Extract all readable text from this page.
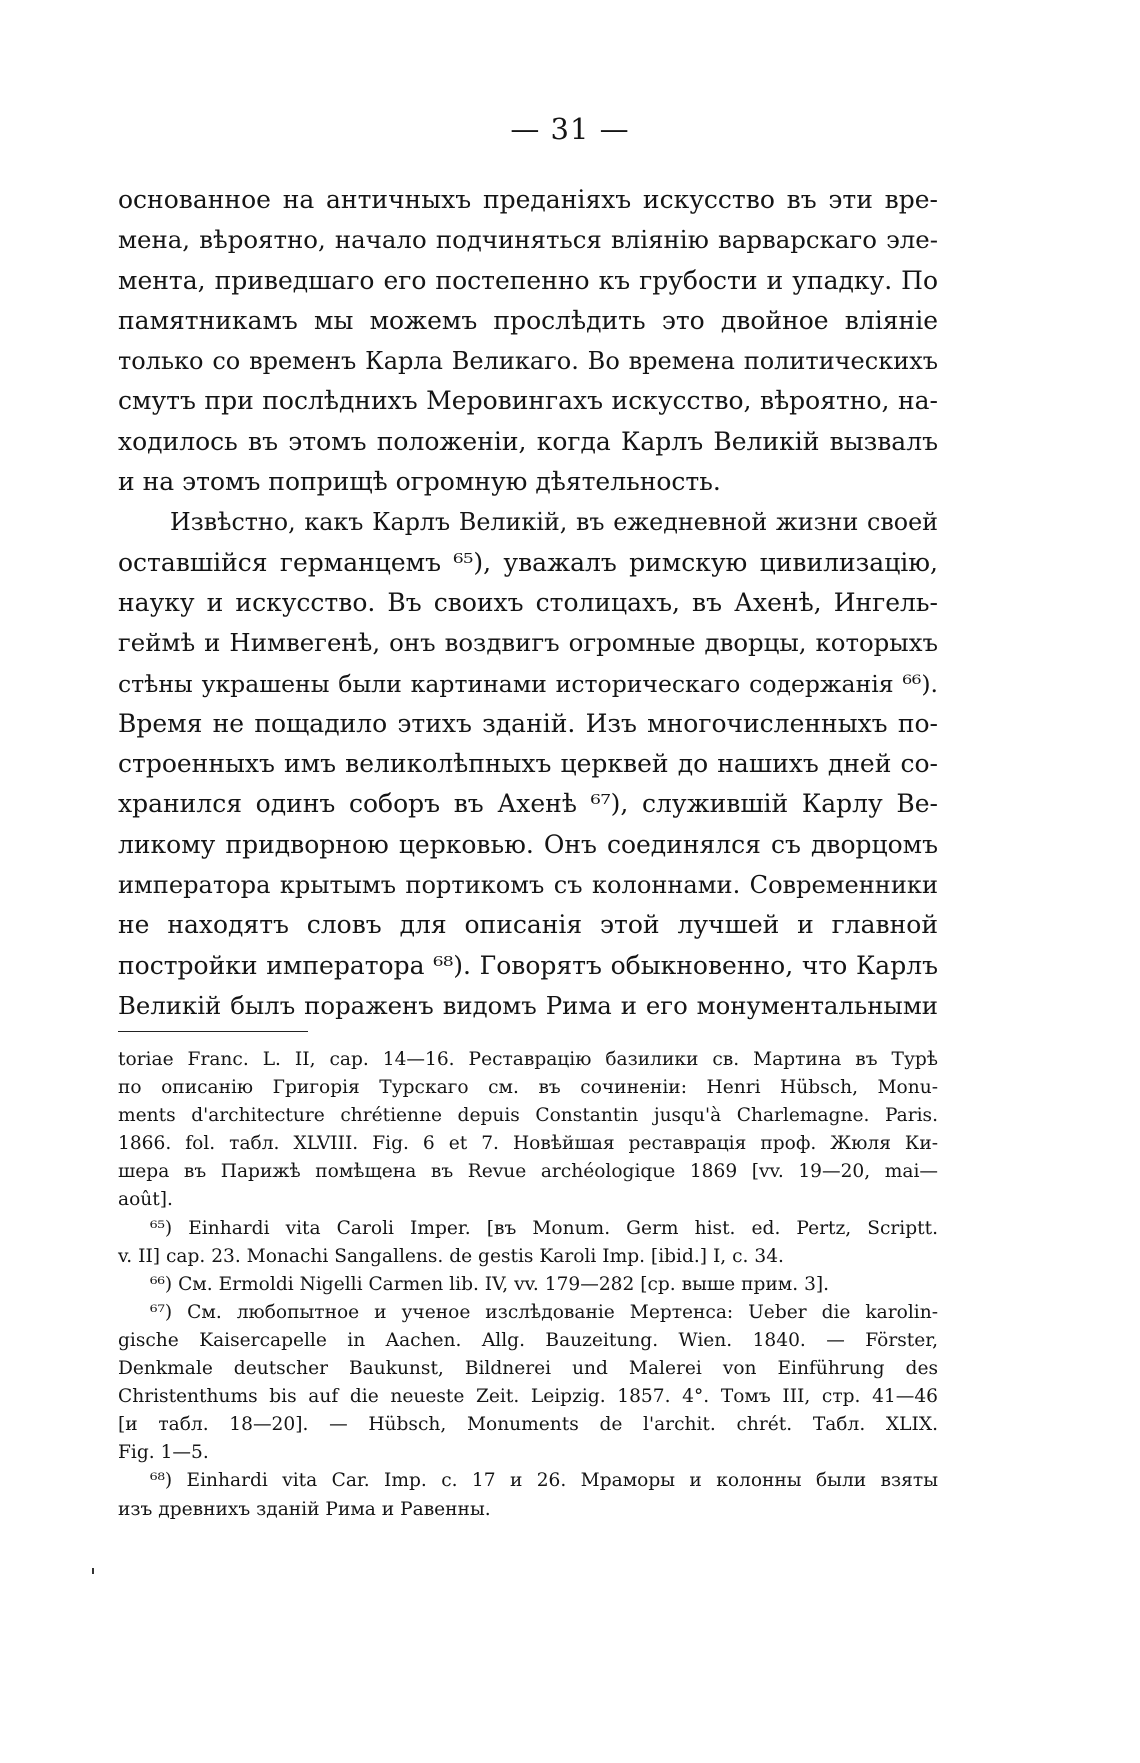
— 31 —
основанное на античныхъ преданіяхъ искусство въ эти вре-
мена, вѣроятно, начало подчиняться вліянію варварскаго эле-
мента, приведшаго его постепенно къ грубости и упадку. По
памятникамъ мы можемъ прослѣдить это двойное вліяніе
только со временъ Карла Великаго. Во времена политическихъ
смутъ при послѣднихъ Меровингахъ искусство, вѣроятно, на-
ходилось въ этомъ положеніи, когда Карлъ Великій вызвалъ
и на этомъ поприщѣ огромную дѣятельность.
Извѣстно, какъ Карлъ Великій, въ ежедневной жизни своей
оставшійся германцемъ ⁶⁵), уважалъ римскую цивилизацію,
науку и искусство. Въ своихъ столицахъ, въ Ахенѣ, Ингель-
геймѣ и Нимвегенѣ, онъ воздвигъ огромные дворцы, которыхъ
стѣны украшены были картинами историческаго содержанія ⁶⁶).
Время не пощадило этихъ зданій. Изъ многочисленныхъ по-
строенныхъ имъ великолѣпныхъ церквей до нашихъ дней со-
хранился одинъ соборъ въ Ахенѣ ⁶⁷), служившій Карлу Ве-
ликому придворною церковью. Онъ соединялся съ дворцомъ
императора крытымъ портикомъ съ колоннами. Современники
не находятъ словъ для описанія этой лучшей и главной
постройки императора ⁶⁸). Говорятъ обыкновенно, что Карлъ
Великій былъ пораженъ видомъ Рима и его монументальными
toriae Franc. L. II, cap. 14—16. Реставрацію базилики св. Мартина въ Турѣ
по описанію Григорія Турскаго см. въ сочиненіи: Henri Hübsch, Monu-
ments d'architecture chrétienne depuis Constantin jusqu'à Charlemagne. Paris.
1866. fol. табл. XLVIII. Fig. 6 et 7. Новѣйшая реставрація проф. Жюля Ки-
шера въ Парижѣ помѣщена въ Revue archéologique 1869 [vv. 19—20, mai—
août].
⁶⁵) Einhardi vita Caroli Imper. [въ Monum. Germ hist. ed. Pertz, Scriptt.
v. II] cap. 23. Monachi Sangallens. de gestis Karoli Imp. [ibid.] I, c. 34.
⁶⁶) См. Ermoldi Nigelli Carmen lib. IV, vv. 179—282 [ср. выше прим. 3].
⁶⁷) См. любопытное и ученое изслѣдованіе Мертенса: Ueber die karolin-
gische Kaisercapelle in Aachen. Allg. Bauzeitung. Wien. 1840. — Förster,
Denkmale deutscher Baukunst, Bildnerei und Malerei von Einführung des
Christenthums bis auf die neueste Zeit. Leipzig. 1857. 4°. Томъ III, стр. 41—46
[и табл. 18—20]. — Hübsch, Monuments de l'archit. chrét. Табл. XLIX.
Fig. 1—5.
⁶⁸) Einhardi vita Car. Imp. c. 17 и 26. Мраморы и колонны были взяты
изъ древнихъ зданій Рима и Равенны.
